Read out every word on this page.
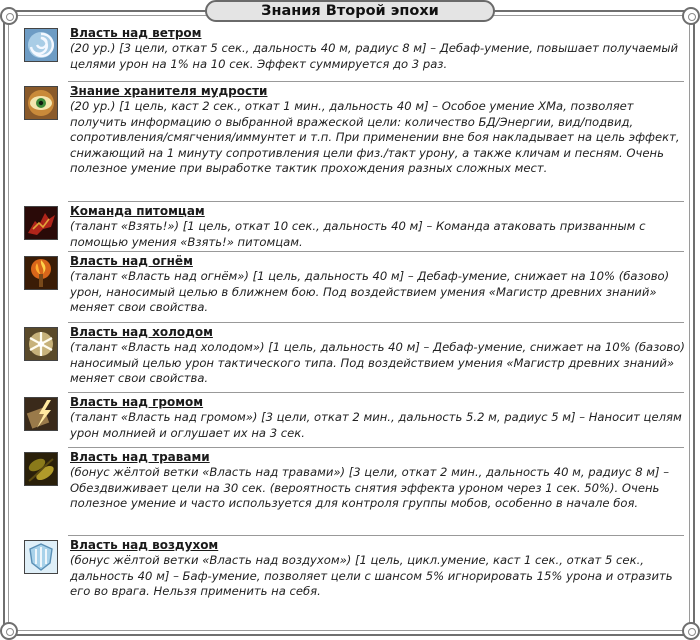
Знания Второй эпохи
Власть над ветром

(20 ур.) [3 цели, откат 5 сек., дальность 40 м, радиус 8 м] – Дебаф-умение, повышает получаемый целями урон на 1% на 10 сек. Эффект суммируется до 3 раз.

Знание хранителя мудрости

(20 ур.) [1 цель, каст 2 сек., откат 1 мин., дальность 40 м] – Особое умение ХМа, позволяет получить информацию о выбранной вражеской цели: количество БД/Энергии, вид/подвид, сопротивления/смягчения/иммунтет и т.п. При применении вне боя накладывает на цель эффект, снижающий на 1 минуту сопротивления цели физ./такт урону, а также кличам и песням. Очень полезное умение при выработке тактик прохождения разных сложных мест.

Команда питомцам

(талант «Взять!») [1 цель, откат 10 сек., дальность 40 м] – Команда атаковать призванным с помощью умения «Взять!» питомцам.

Власть над огнём

(талант «Власть над огнём») [1 цель, дальность 40 м] – Дебаф-умение, снижает на 10% (базово) урон, наносимый целью в ближнем бою. Под воздействием умения «Магистр древних знаний» меняет свои свойства.

Власть над холодом

(талант «Власть над холодом») [1 цель, дальность 40 м] – Дебаф-умение, снижает на 10% (базово) наносимый целью урон тактического типа. Под воздействием умения «Магистр древних знаний» меняет свои свойства.

Власть над громом

(талант «Власть над громом») [3 цели, откат 2 мин., дальность 5.2 м, радиус 5 м] – Наносит целям урон молнией и оглушает их на 3 сек.

Власть над травами

(бонус жёлтой ветки «Власть над травами») [3 цели, откат 2 мин., дальность 40 м, радиус 8 м] – Обездвиживает цели на 30 сек. (вероятность снятия эффекта уроном через 1 сек. 50%). Очень полезное умение и часто используется для контроля группы мобов, особенно в начале боя.

Власть над воздухом

(бонус жёлтой ветки «Власть над воздухом») [1 цель, цикл.умение, каст 1 сек., откат 5 сек., дальность 40 м] – Баф-умение, позволяет цели с шансом 5% игнорировать 15% урона и отразить его во врага. Нельзя применить на себя.
